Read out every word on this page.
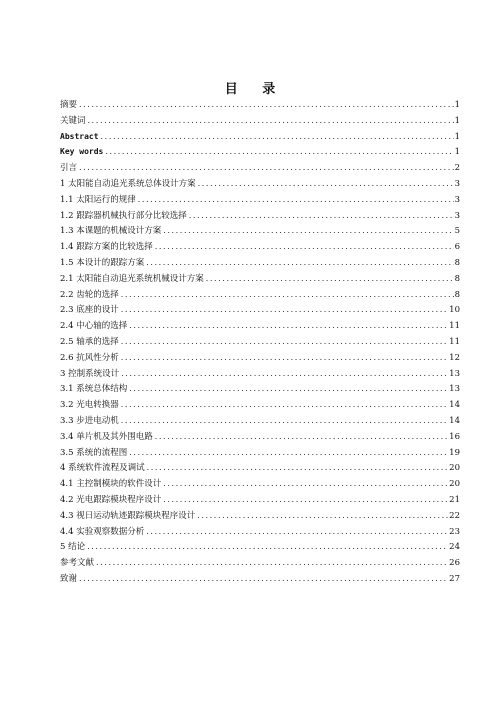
目 录
摘要 .....	1
关键词 .....	1
Abstract .....	1
Key words .....	1
引言 .....	2
1 太阳能自动追光系统总体设计方案 .....	3
1.1 太阳运行的规律 .....	3
1.2 跟踪器机械执行部分比较选择 .....	3
1.3 本课题的机械设计方案 .....	5
1.4 跟踪方案的比较选择 .....	6
1.5 本设计的跟踪方案 .....	8
2.1 太阳能自动追光系统机械设计方案 .....	8
2.2 齿轮的选择 .....	8
2.3 底座的设计 .....	10
2.4 中心轴的选择 .....	11
2.5 轴承的选择 .....	11
2.6 抗风性分析 .....	12
3 控制系统设计 .....	13
3.1 系统总体结构 .....	13
3.2 光电转换器 .....	14
3.3 步进电动机 .....	14
3.4 单片机及其外围电路 .....	16
3.5 系统的流程图 .....	19
4 系统软件流程及调试 .....	20
4.1 主控制模块的软件设计 .....	20
4.2 光电跟踪模块程序设计 .....	21
4.3 视日运动轨迹跟踪模块程序设计 .....	22
4.4 实验观察数据分析 .....	23
5 结论 .....	24
参考文献 .....	26
致谢 .....	27
